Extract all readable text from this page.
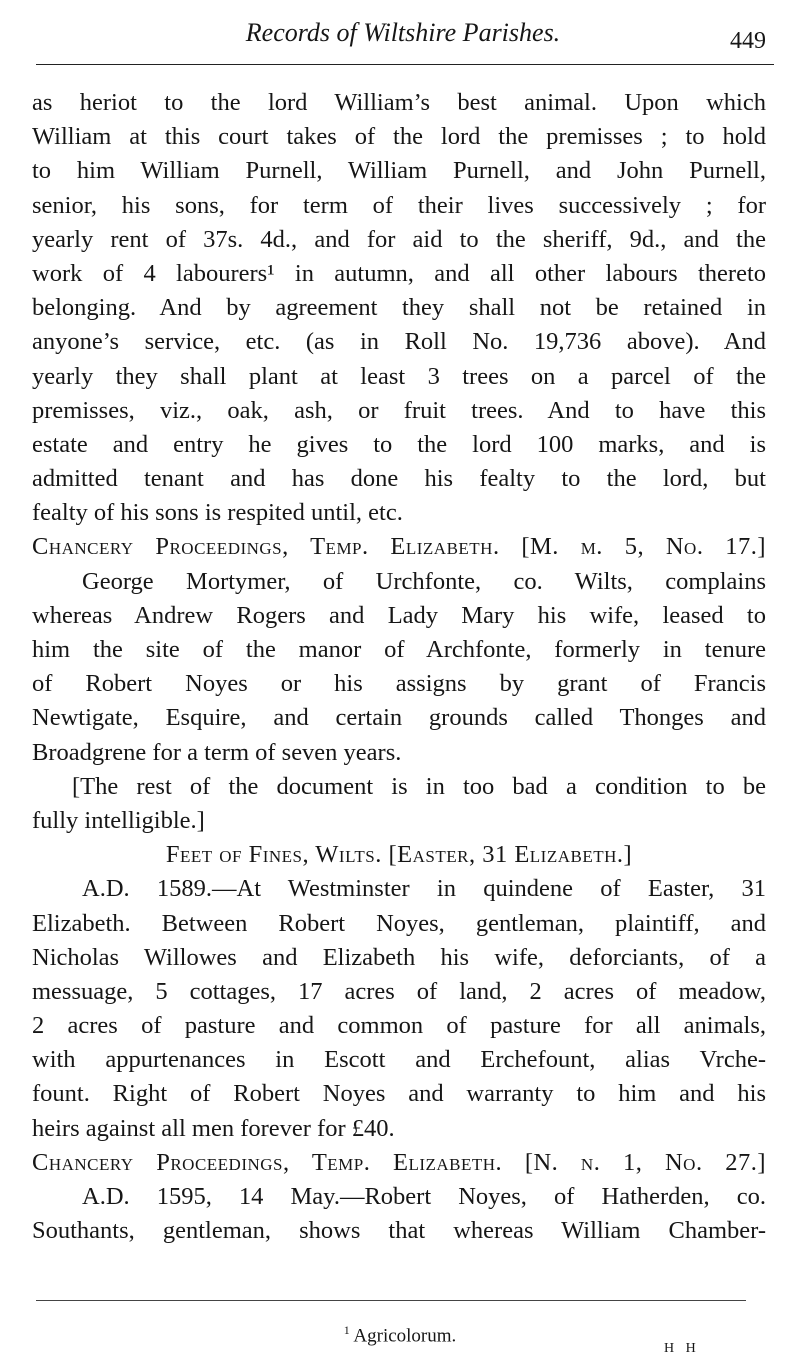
Records of Wiltshire Parishes.	449
as heriot to the lord William’s best animal. Upon which
William at this court takes of the lord the premisses ; to hold
to him William Purnell, William Purnell, and John Purnell,
senior, his sons, for term of their lives successively ; for
yearly rent of 37s. 4d., and for aid to the sheriff, 9d., and the
work of 4 labourers¹ in autumn, and all other labours thereto
belonging. And by agreement they shall not be retained in
anyone’s service, etc. (as in Roll No. 19,736 above). And
yearly they shall plant at least 3 trees on a parcel of the
premisses, viz., oak, ash, or fruit trees. And to have this
estate and entry he gives to the lord 100 marks, and is
admitted tenant and has done his fealty to the lord, but
fealty of his sons is respited until, etc.
Chancery Proceedings, Temp. Elizabeth. [M. m. 5, No. 17.]
George Mortymer, of Urchfonte, co. Wilts, complains
whereas Andrew Rogers and Lady Mary his wife, leased to
him the site of the manor of Archfonte, formerly in tenure
of Robert Noyes or his assigns by grant of Francis
Newtigate, Esquire, and certain grounds called Thonges and
Broadgrene for a term of seven years.
[The rest of the document is in too bad a condition to be
fully intelligible.]
Feet of Fines, Wilts. [Easter, 31 Elizabeth.]
A.D. 1589.—At Westminster in quindene of Easter, 31
Elizabeth. Between Robert Noyes, gentleman, plaintiff, and
Nicholas Willowes and Elizabeth his wife, deforciants, of a
messuage, 5 cottages, 17 acres of land, 2 acres of meadow,
2 acres of pasture and common of pasture for all animals,
with appurtenances in Escott and Erchefount, alias Vrche-
fount. Right of Robert Noyes and warranty to him and his
heirs against all men forever for £40.
Chancery Proceedings, Temp. Elizabeth. [N. n. 1, No. 27.]
A.D. 1595, 14 May.—Robert Noyes, of Hatherden, co.
Southants, gentleman, shows that whereas William Chamber-
$^1$ Agricolorum.
H H
